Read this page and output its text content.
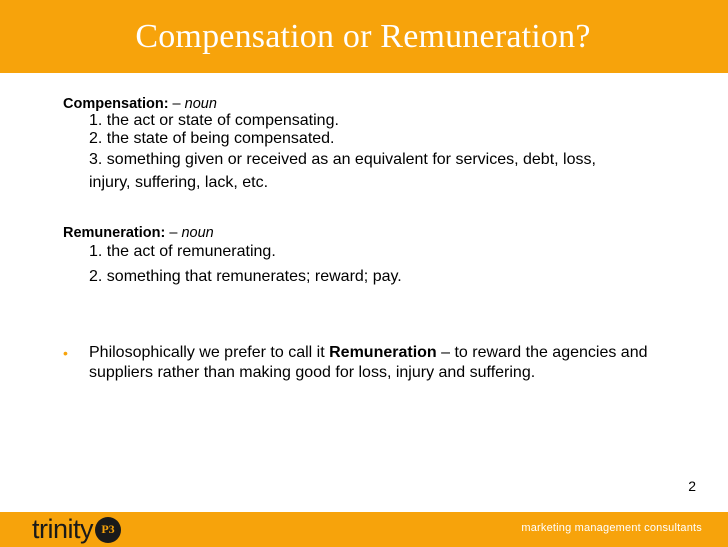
Compensation or Remuneration?
Compensation: – noun
1. the act or state of compensating.
2. the state of being compensated.
3. something given or received as an equivalent for services, debt, loss, injury, suffering, lack, etc.
Remuneration: – noun
1. the act of remunerating.
2. something that remunerates; reward; pay.
•	Philosophically we prefer to call it Remuneration – to reward the agencies and suppliers rather than making good for loss, injury and suffering.
2
trinity P3	marketing management consultants
